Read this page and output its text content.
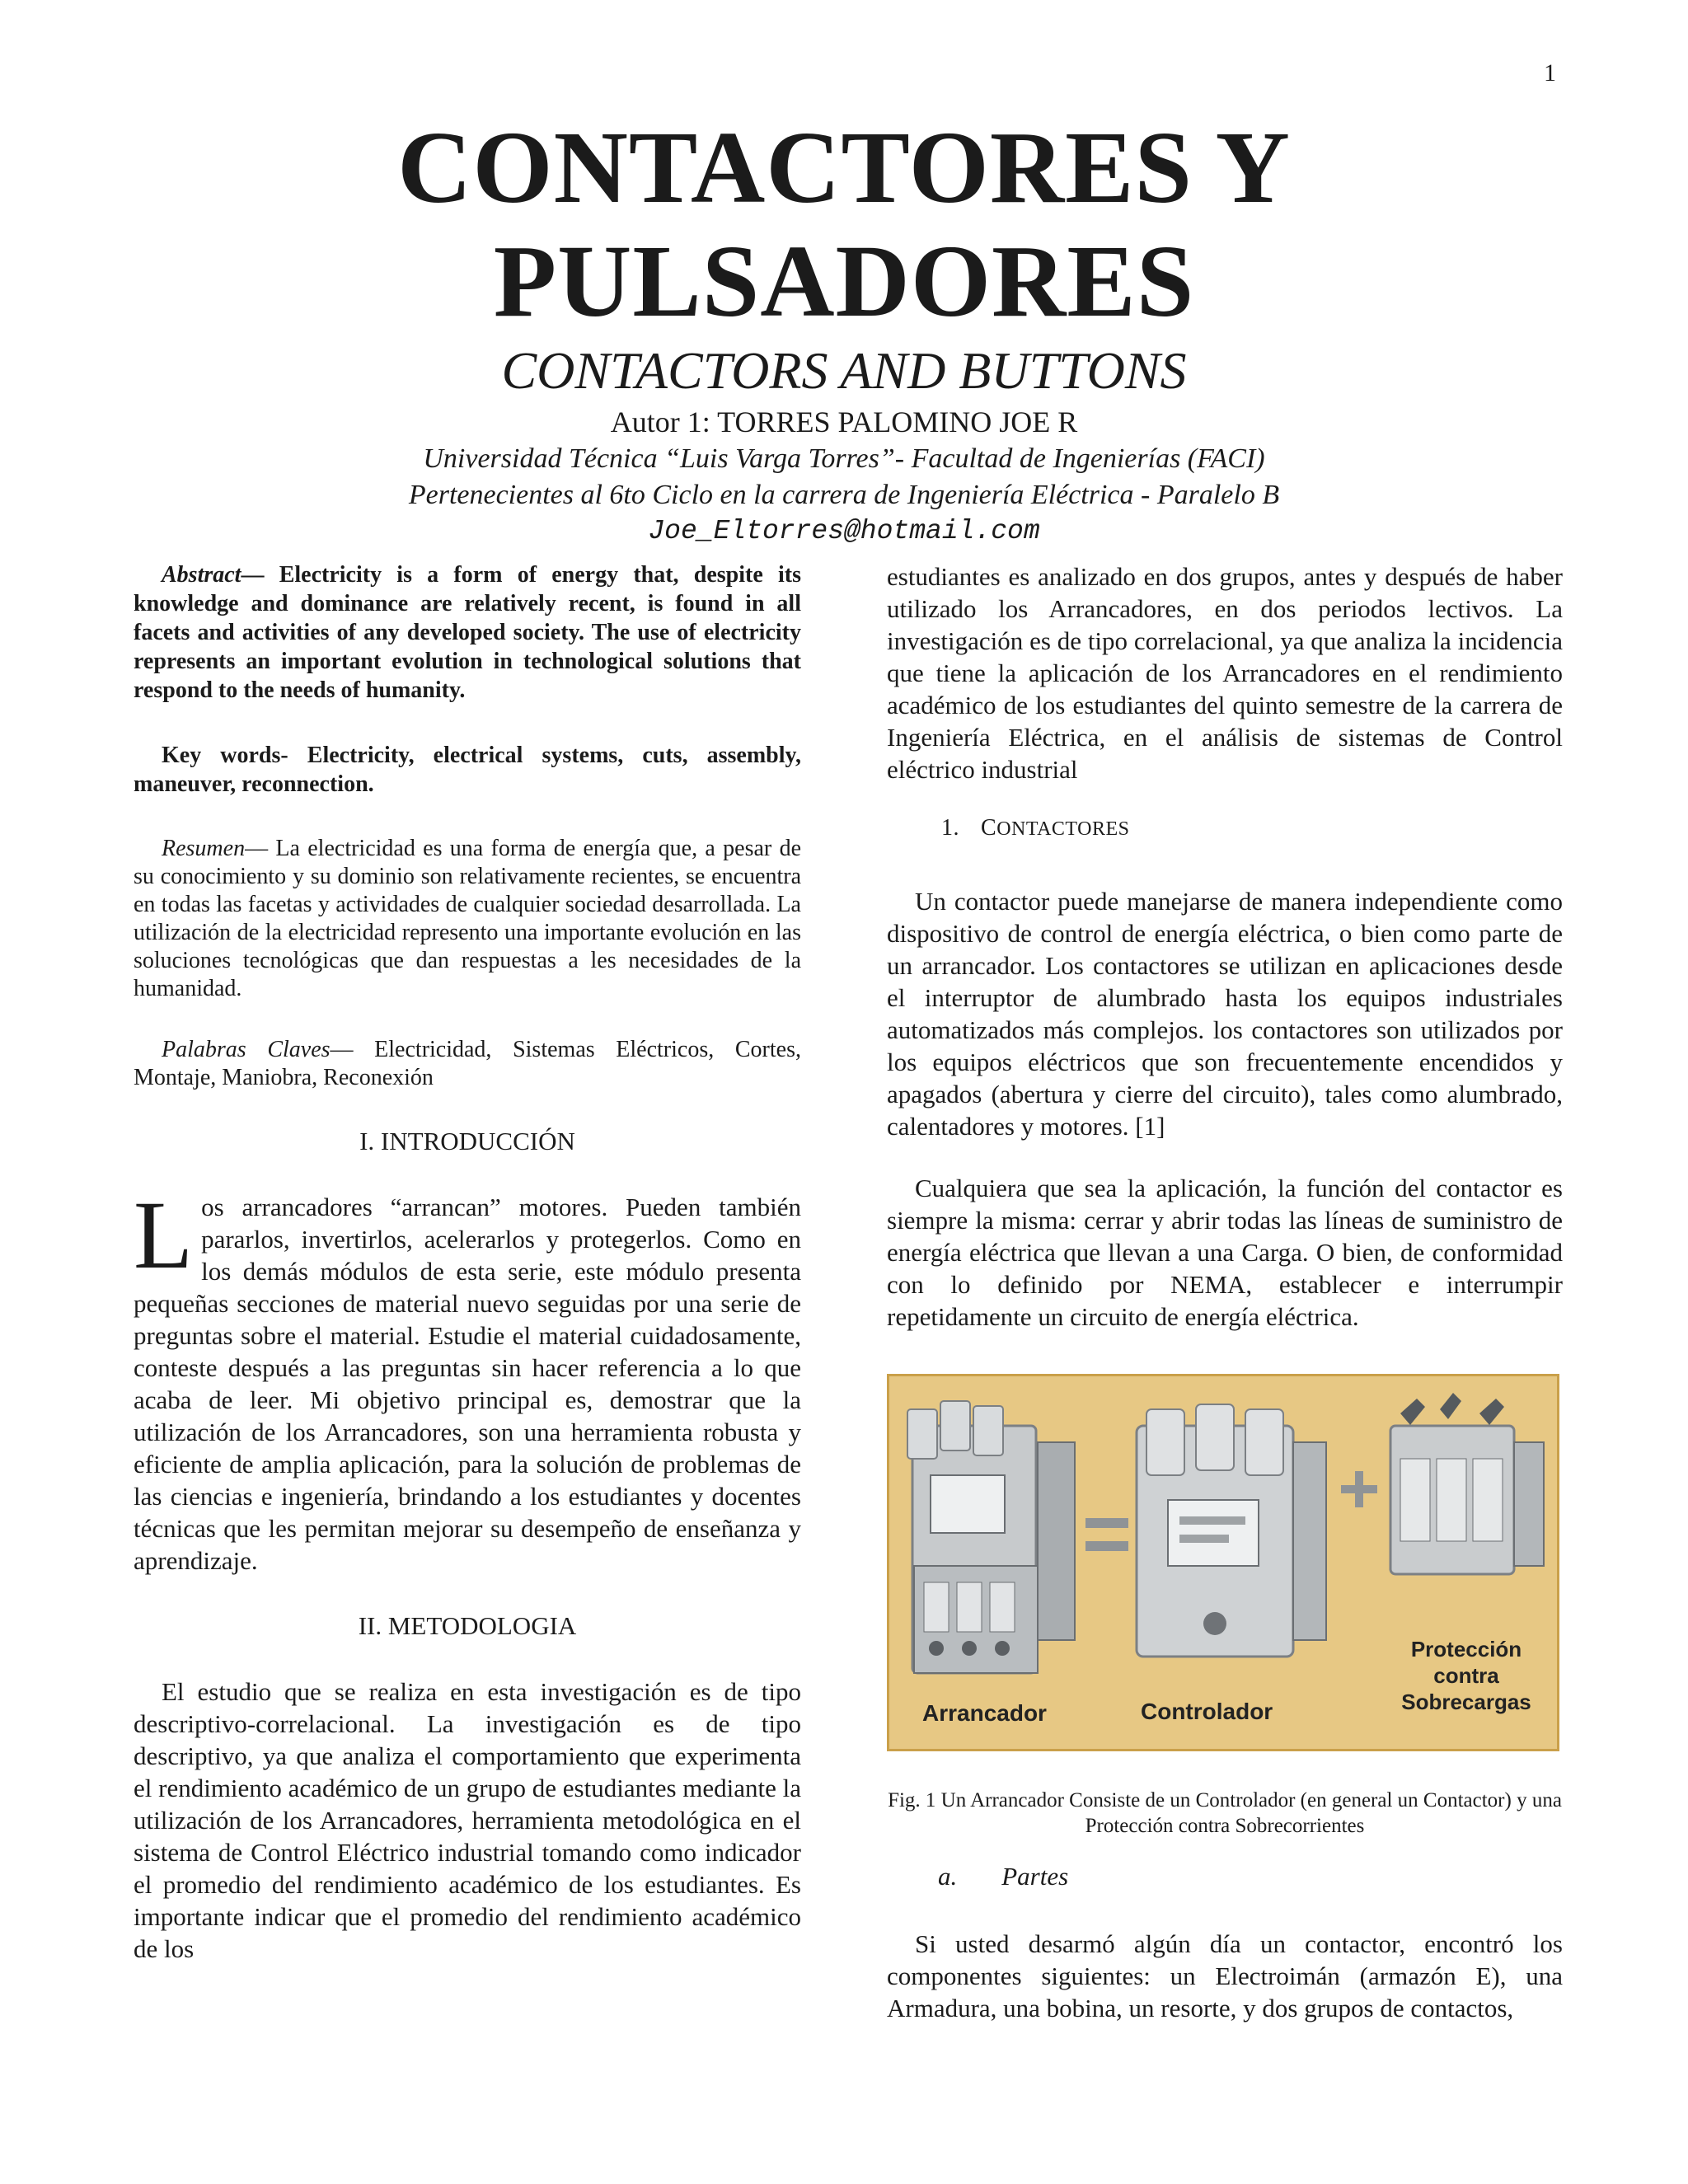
1
CONTACTORES Y
PULSADORES
CONTACTORS AND BUTTONS
Autor 1: TORRES PALOMINO JOE R
Universidad Técnica “Luis Varga Torres”- Facultad de Ingenierías (FACI)
Pertenecientes al 6to Ciclo en la carrera de Ingeniería Eléctrica - Paralelo B
Joe_Eltorres@hotmail.com

Abstract— Electricity is a form of energy that, despite its knowledge and dominance are relatively recent, is found in all facets and activities of any developed society. The use of electricity represents an important evolution in technological solutions that respond to the needs of humanity.

Key words- Electricity, electrical systems, cuts, assembly, maneuver, reconnection.

Resumen— La electricidad es una forma de energía que, a pesar de su conocimiento y su dominio son relativamente recientes, se encuentra en todas las facetas y actividades de cualquier sociedad desarrollada. La utilización de la electricidad represento una importante evolución en las soluciones tecnológicas que dan respuestas a les necesidades de la humanidad.

Palabras Claves— Electricidad, Sistemas Eléctricos, Cortes, Montaje, Maniobra, Reconexión

I. INTRODUCCIÓN
L os arrancadores “arrancan” motores. Pueden también pararlos, invertirlos, acelerarlos y protegerlos. Como en los demás módulos de esta serie, este módulo presenta pequeñas secciones de material nuevo seguidas por una serie de preguntas sobre el material. Estudie el material cuidadosamente, conteste después a las preguntas sin hacer referencia a lo que acaba de leer. Mi objetivo principal es, demostrar que la utilización de los Arrancadores, son una herramienta robusta y eficiente de amplia aplicación, para la solución de problemas de las ciencias e ingeniería, brindando a los estudiantes y docentes técnicas que les permitan mejorar su desempeño de enseñanza y aprendizaje.

II. METODOLOGIA

El estudio que se realiza en esta investigación es de tipo descriptivo-correlacional. La investigación es de tipo descriptivo, ya que analiza el comportamiento que experimenta el rendimiento académico de un grupo de estudiantes mediante la utilización de los Arrancadores, herramienta metodológica en el sistema de Control Eléctrico industrial tomando como indicador el promedio del rendimiento académico de los estudiantes. Es importante indicar que el promedio del rendimiento académico de los

estudiantes es analizado en dos grupos, antes y después de haber utilizado los Arrancadores, en dos periodos lectivos. La investigación es de tipo correlacional, ya que analiza la incidencia que tiene la aplicación de los Arrancadores en el rendimiento académico de los estudiantes del quinto semestre de la carrera de Ingeniería Eléctrica, en el análisis de sistemas de Control eléctrico industrial

1. CONTACTORES

Un contactor puede manejarse de manera independiente como dispositivo de control de energía eléctrica, o bien como parte de un arrancador. Los contactores se utilizan en aplicaciones desde el interruptor de alumbrado hasta los equipos industriales automatizados más complejos. los contactores son utilizados por los equipos eléctricos que son frecuentemente encendidos y apagados (abertura y cierre del circuito), tales como alumbrado, calentadores y motores. [1]

Cualquiera que sea la aplicación, la función del contactor es siempre la misma: cerrar y abrir todas las líneas de suministro de energía eléctrica que llevan a una Carga. O bien, de conformidad con lo definido por NEMA, establecer e interrumpir repetidamente un circuito de energía eléctrica.

Arrancador	Controlador
Protección
contra
Sobrecargas
Fig. 1 Un Arrancador Consiste de un Controlador (en general un Contactor) y una Protección contra Sobrecorrientes
a. Partes

Si usted desarmó algún día un contactor, encontró los componentes siguientes: un Electroimán (armazón E), una Armadura, una bobina, un resorte, y dos grupos de contactos,
